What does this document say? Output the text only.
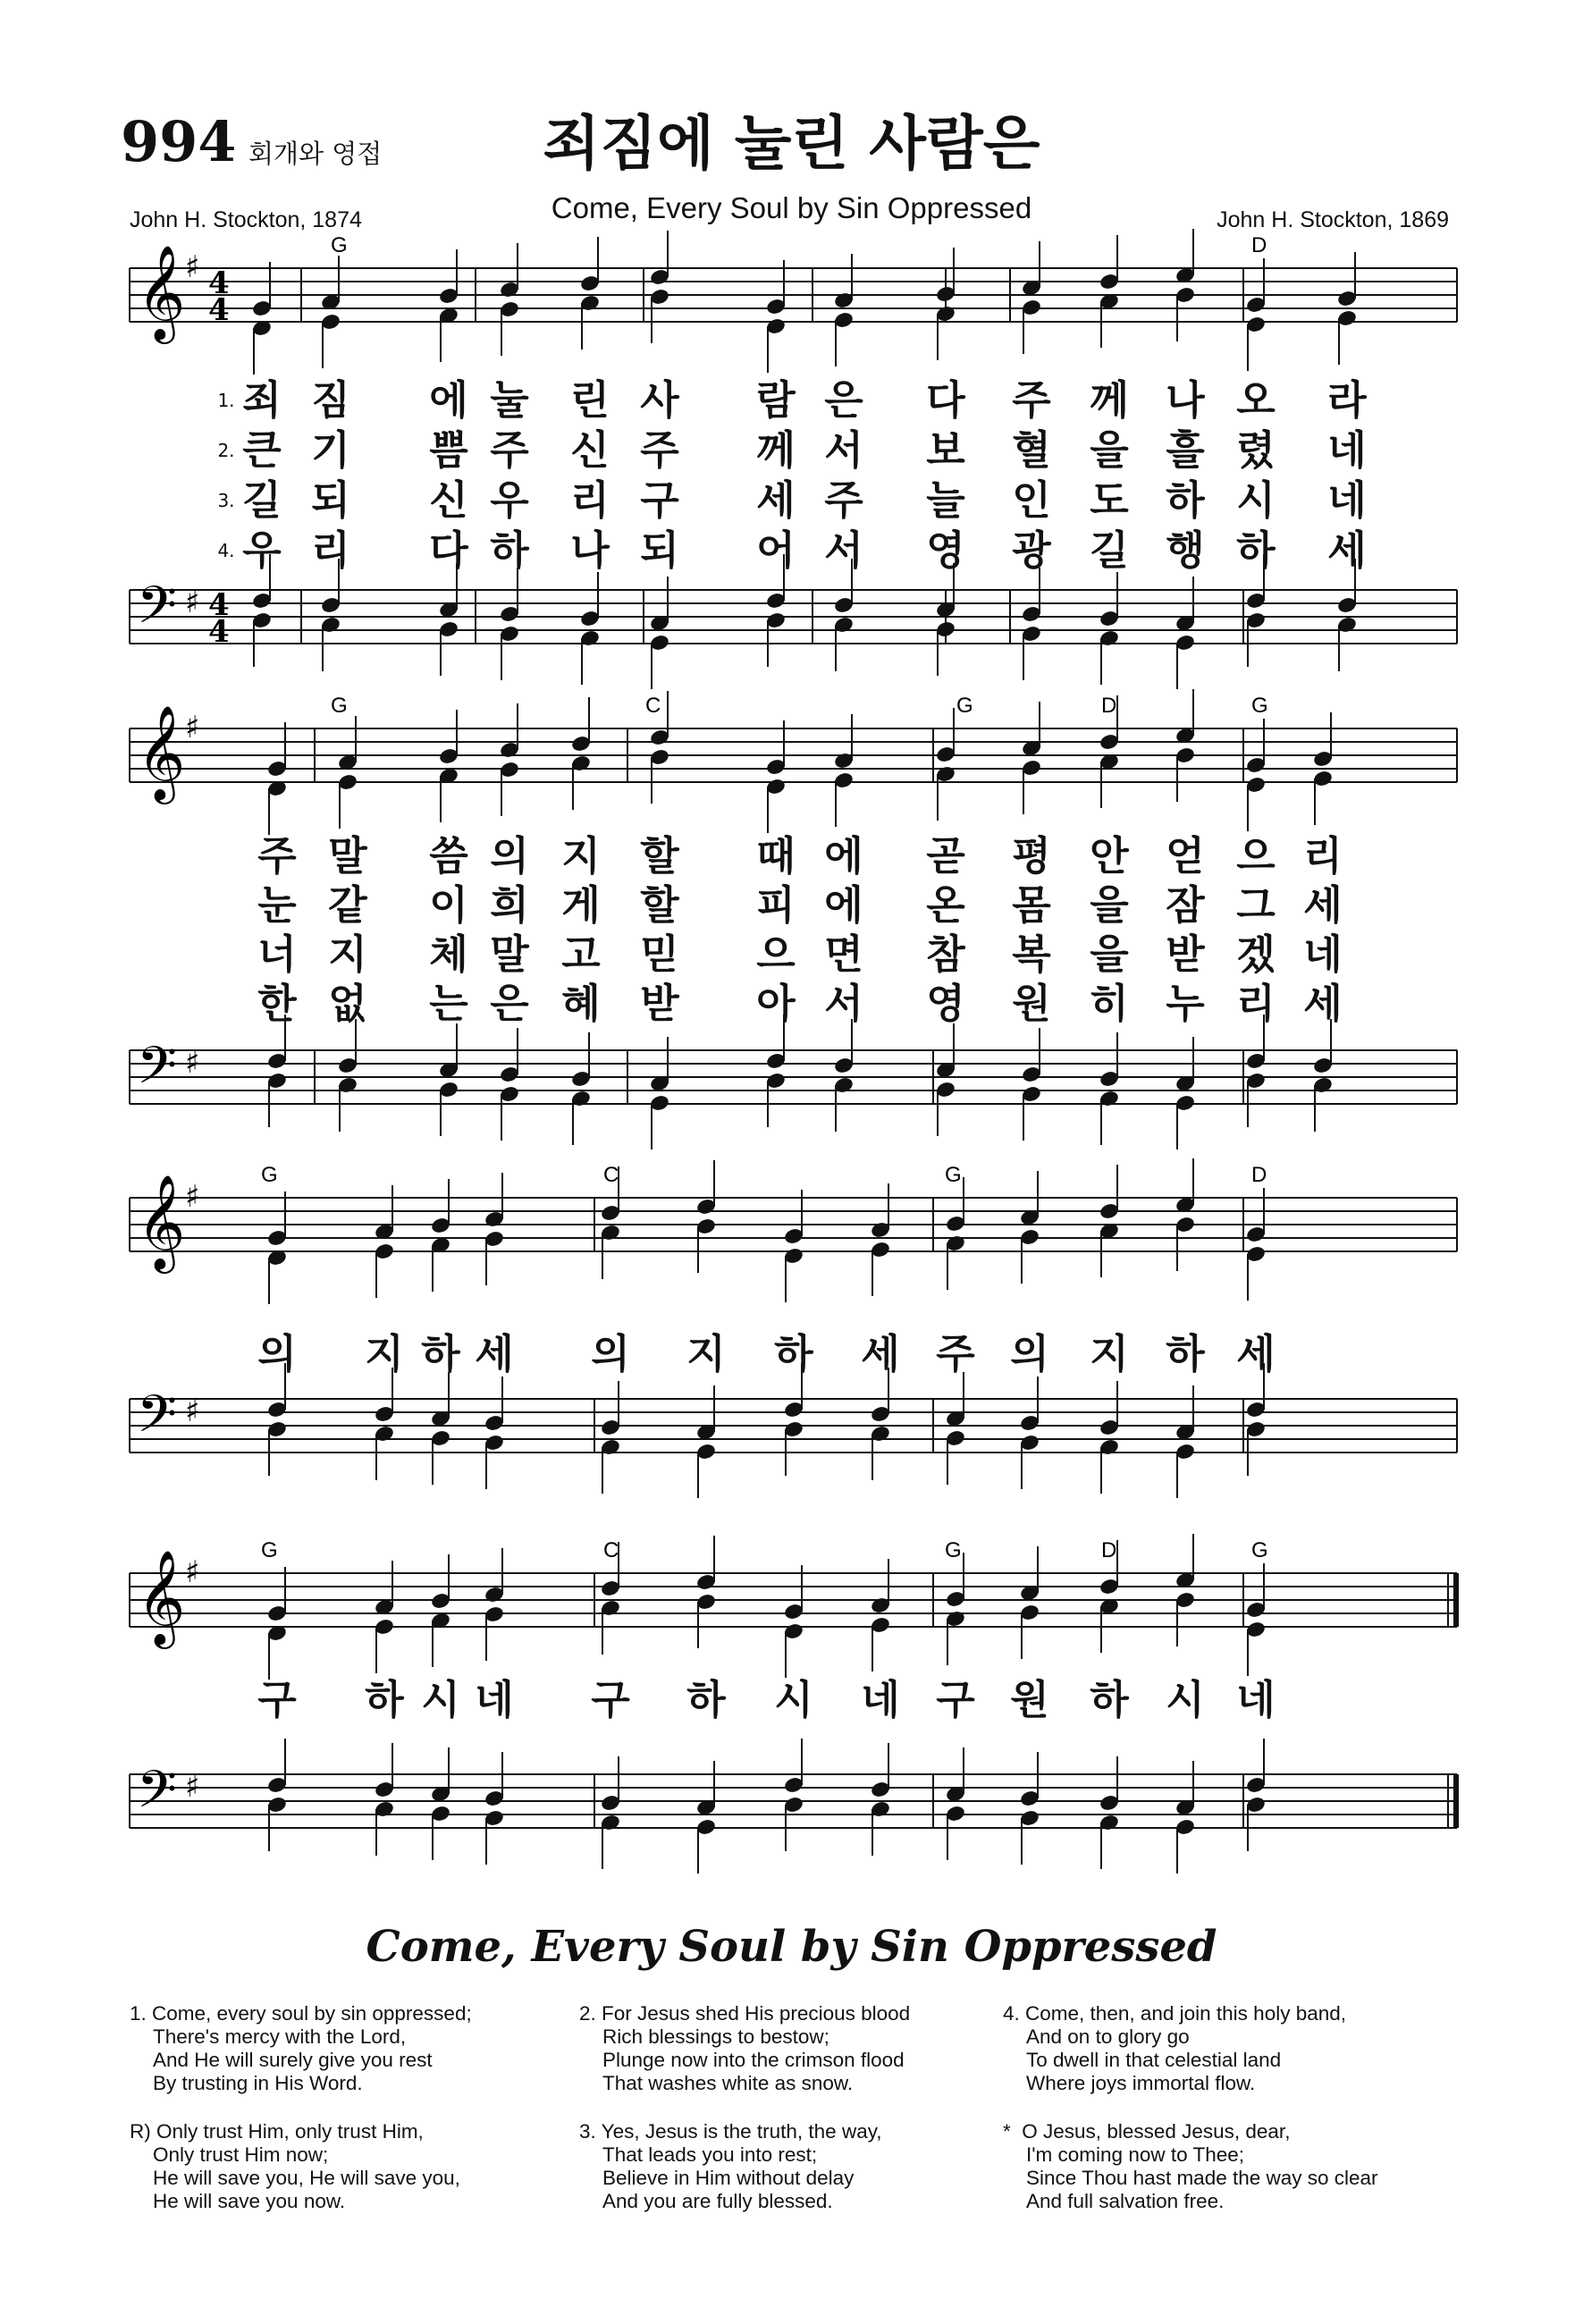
994 회개와 영접	죄짐에 눌린 사람은
Come, Every Soul by Sin Oppressed
John H. Stockton, 1874	John H. Stockton, 1869
𝄞
𝄢
♯
♯
4
4
4
4
G	D
𝄞
𝄢
♯
♯
G	C	G	D	G
𝄞
𝄢
♯
♯
G	C	G	D
𝄞
𝄢
♯
♯
G	C	G	D	G
1. 죄 짐 에 눌 린 사 람 은 다 주 께 나 오 라
2. 큰 기 쁨 주 신 주 께 서 보 혈 을 흘 렸 네
3. 길 되 신 우 리 구 세 주 늘 인 도 하 시 네
4. 우 리 다 하 나 되 어 서 영 광 길 행 하 세
주 말 씀 의 지 할 때 에 곧 평 안 얻 으 리
눈 같 이 희 게 할 피 에 온 몸 을 잠 그 세
너 지 체 말 고 믿 으 면 참 복 을 받 겠 네
한 없 는 은 혜 받 아 서 영 원 히 누 리 세
의 지 하 세 의 지 하 세 주 의 지 하 세
구 하 시 네 구 하 시 네 구 원 하 시 네
Come, Every Soul by Sin Oppressed
1. Come, every soul by sin oppressed;
There's mercy with the Lord,
And He will surely give you rest
By trusting in His Word.
R) Only trust Him, only trust Him,
Only trust Him now;
He will save you, He will save you,
He will save you now.
2. For Jesus shed His precious blood
Rich blessings to bestow;
Plunge now into the crimson flood
That washes white as snow.
3. Yes, Jesus is the truth, the way,
That leads you into rest;
Believe in Him without delay
And you are fully blessed.
4. Come, then, and join this holy band,
And on to glory go
To dwell in that celestial land
Where joys immortal flow.
* O Jesus, blessed Jesus, dear,
I'm coming now to Thee;
Since Thou hast made the way so clear
And full salvation free.
